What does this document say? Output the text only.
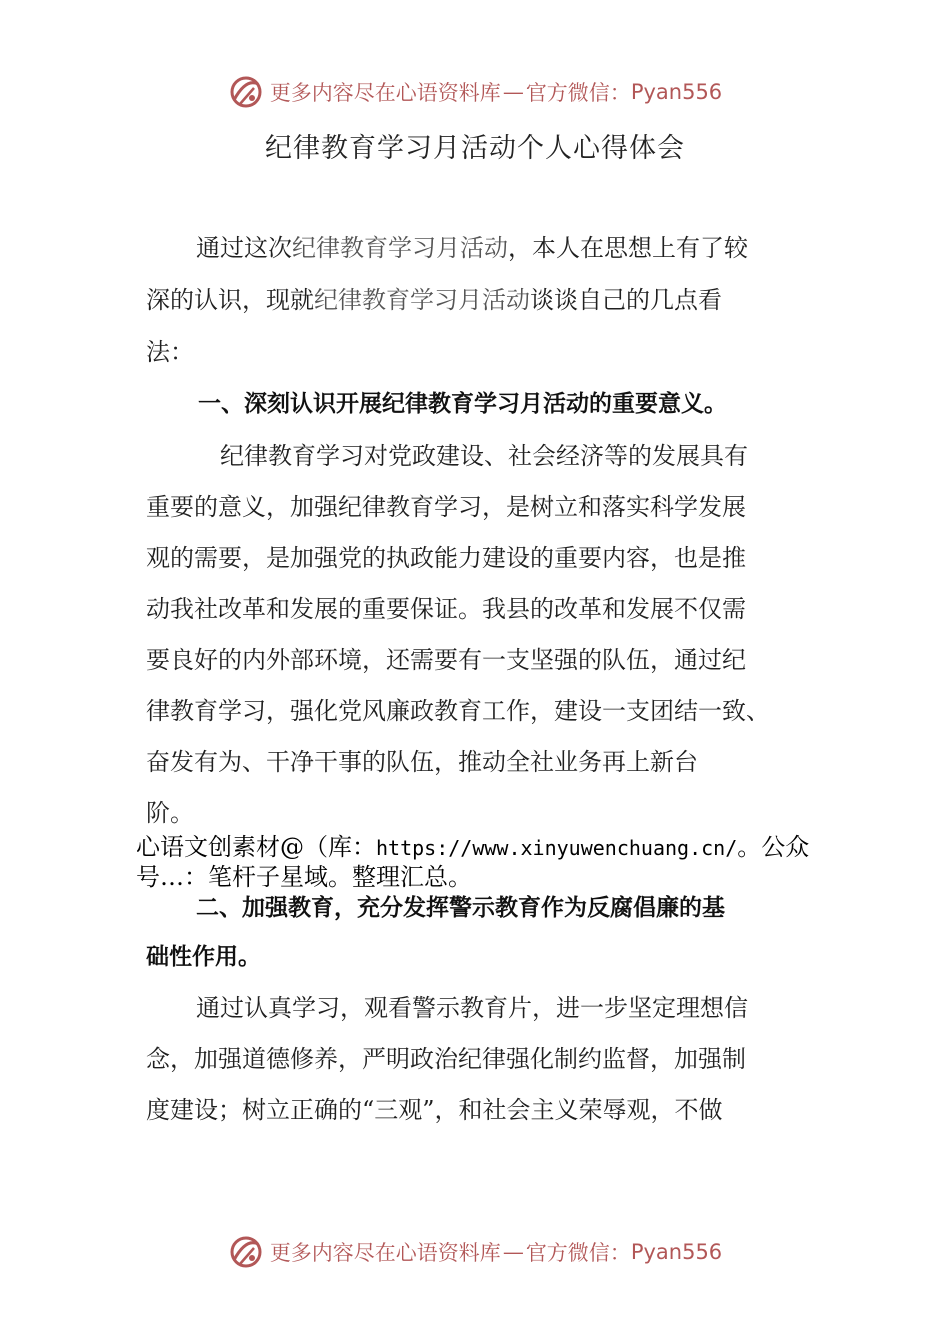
更多内容尽在心语资料库 — 官方微信： Pyan556
纪律教育学习月活动个人心得体会
通过这次纪律教育学习月活动，本人在思想上有了较
深的认识，现就纪律教育学习月活动谈谈自己的几点看
法：
一、深刻认识开展纪律教育学习月活动的重要意义。
纪律教育学习对党政建设、社会经济等的发展具有
重要的意义，加强纪律教育学习，是树立和落实科学发展
观的需要，是加强党的执政能力建设的重要内容，也是推
动我社改革和发展的重要保证。我县的改革和发展不仅需
要良好的内外部环境，还需要有一支坚强的队伍，通过纪
律教育学习，强化党风廉政教育工作，建设一支团结一致、
奋发有为、干净干事的队伍，推动全社业务再上新台
阶。
心语文创素材@（库：https://www.xinyuwenchuang.cn/。公众
号…：笔杆子星域。整理汇总。
二、加强教育，充分发挥警示教育作为反腐倡廉的基
础性作用。
通过认真学习，观看警示教育片，进一步坚定理想信
念，加强道德修养，严明政治纪律强化制约监督，加强制
度建设；树立正确的“三观”，和社会主义荣辱观，不做
更多内容尽在心语资料库 — 官方微信： Pyan556
